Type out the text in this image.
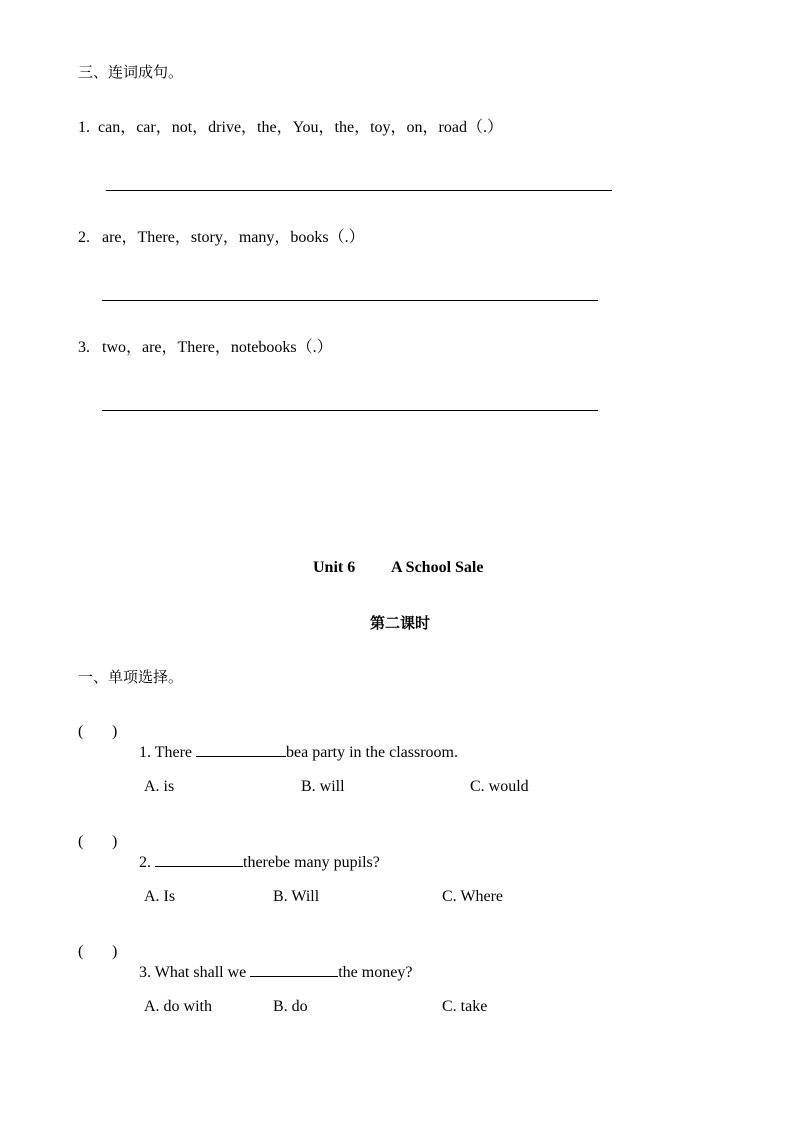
三、连词成句。
1. can，car，not，drive，the，You，the，toy，on，road（.）
2. are，There，story，many，books（.）
3. two，are，There，notebooks（.）
Unit 6 A School Sale
第二课时
一、单项选择。
( )

1. There	bea party in the classroom.

A. is	B. will	C. would
( )

2.	therebe many pupils?

A. Is	B. Will	C. Where
( )

3. What shall we	the money?

A. do with	B. do	C. take
